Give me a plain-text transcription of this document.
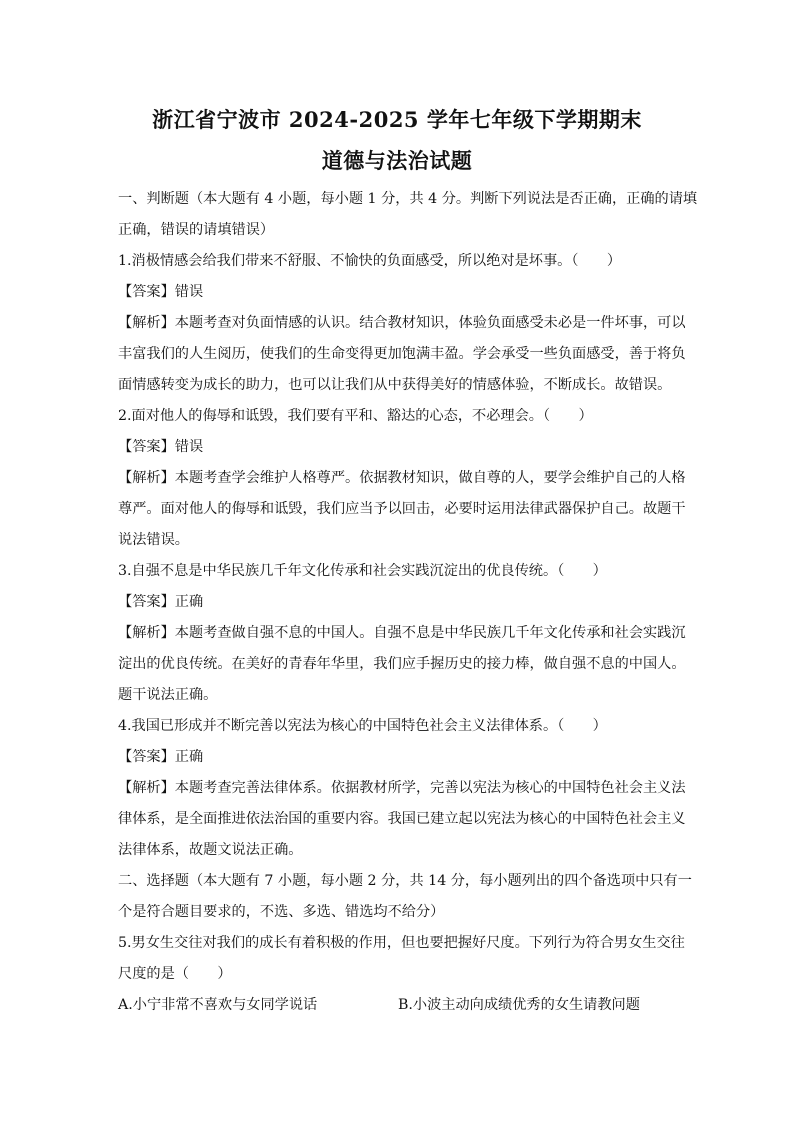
浙江省宁波市 2024-2025 学年七年级下学期期末
道德与法治试题
一、判断题（本大题有 4 小题，每小题 1 分，共 4 分。判断下列说法是否正确，正确的请填
正确，错误的请填错误）
1.消极情感会给我们带来不舒服、不愉快的负面感受，所以绝对是坏事。（　　）
【答案】错误
【解析】本题考查对负面情感的认识。结合教材知识，体验负面感受未必是一件坏事，可以
丰富我们的人生阅历，使我们的生命变得更加饱满丰盈。学会承受一些负面感受，善于将负
面情感转变为成长的助力，也可以让我们从中获得美好的情感体验，不断成长。故错误。
2.面对他人的侮辱和诋毁，我们要有平和、豁达的心态，不必理会。（　　）
【答案】错误
【解析】本题考查学会维护人格尊严。依据教材知识，做自尊的人，要学会维护自己的人格
尊严。面对他人的侮辱和诋毁，我们应当予以回击，必要时运用法律武器保护自己。故题干
说法错误。
3.自强不息是中华民族几千年文化传承和社会实践沉淀出的优良传统。（　　）
【答案】正确
【解析】本题考查做自强不息的中国人。自强不息是中华民族几千年文化传承和社会实践沉
淀出的优良传统。在美好的青春年华里，我们应手握历史的接力棒，做自强不息的中国人。
题干说法正确。
4.我国已形成并不断完善以宪法为核心的中国特色社会主义法律体系。（　　）
【答案】正确
【解析】本题考查完善法律体系。依据教材所学，完善以宪法为核心的中国特色社会主义法
律体系，是全面推进依法治国的重要内容。我国已建立起以宪法为核心的中国特色社会主义
法律体系，故题文说法正确。
二、选择题（本大题有 7 小题，每小题 2 分，共 14 分，每小题列出的四个备选项中只有一
个是符合题目要求的，不选、多选、错选均不给分）
5.男女生交往对我们的成长有着积极的作用，但也要把握好尺度。下列行为符合男女生交往
尺度的是（　　）
A.小宁非常不喜欢与女同学说话	B.小波主动向成绩优秀的女生请教问题
